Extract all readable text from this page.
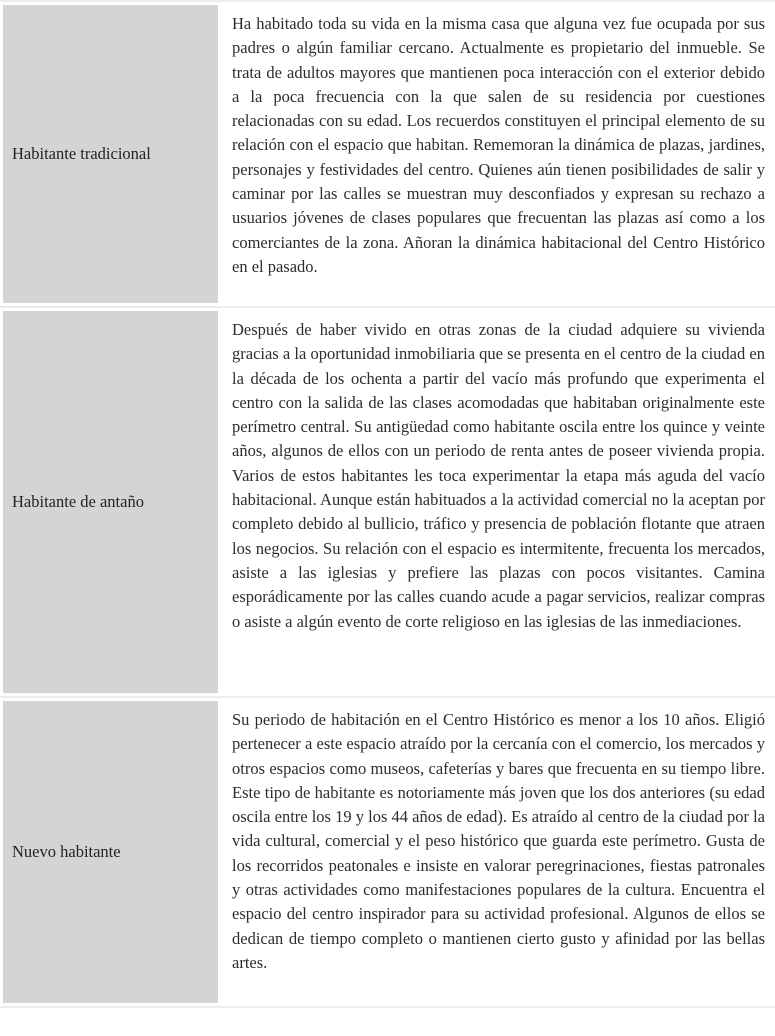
Habitante tradicional
Ha habitado toda su vida en la misma casa que alguna vez fue ocupada por sus padres o algún familiar cercano. Actualmente es propietario del inmueble. Se trata de adultos mayores que mantienen poca interacción con el exterior debido a la poca frecuencia con la que salen de su residencia por cuestiones relacionadas con su edad. Los recuerdos constituyen el principal elemento de su relación con el espacio que habitan. Rememoran la dinámica de plazas, jardines, personajes y festividades del centro. Quienes aún tienen posibilidades de salir y caminar por las calles se muestran muy desconfiados y expresan su rechazo a usuarios jóvenes de clases populares que frecuentan las plazas así como a los comerciantes de la zona. Añoran la dinámica habitacional del Centro Histórico en el pasado.
Habitante de antaño
Después de haber vivido en otras zonas de la ciudad adquiere su vivienda gracias a la oportunidad inmobiliaria que se presenta en el centro de la ciudad en la década de los ochenta a partir del vacío más profundo que experimenta el centro con la salida de las clases acomodadas que habitaban originalmente este perímetro central. Su antigüedad como habitante oscila entre los quince y veinte años, algunos de ellos con un periodo de renta antes de poseer vivienda propia. Varios de estos habitantes les toca experimentar la etapa más aguda del vacío habitacional. Aunque están habituados a la actividad comercial no la aceptan por completo debido al bullicio, tráfico y presencia de población flotante que atraen los negocios. Su relación con el espacio es intermitente, frecuenta los mercados, asiste a las iglesias y prefiere las plazas con pocos visitantes. Camina esporádicamente por las calles cuando acude a pagar servicios, realizar compras o asiste a algún evento de corte religioso en las iglesias de las inmediaciones.
Nuevo habitante
Su periodo de habitación en el Centro Histórico es menor a los 10 años. Eligió pertenecer a este espacio atraído por la cercanía con el comercio, los mercados y otros espacios como museos, cafeterías y bares que frecuenta en su tiempo libre. Este tipo de habitante es notoriamente más joven que los dos anteriores (su edad oscila entre los 19 y los 44 años de edad). Es atraído al centro de la ciudad por la vida cultural, comercial y el peso histórico que guarda este perímetro. Gusta de los recorridos peatonales e insiste en valorar peregrinaciones, fiestas patronales y otras actividades como manifestaciones populares de la cultura. Encuentra el espacio del centro inspirador para su actividad profesional. Algunos de ellos se dedican de tiempo completo o mantienen cierto gusto y afinidad por las bellas artes.
